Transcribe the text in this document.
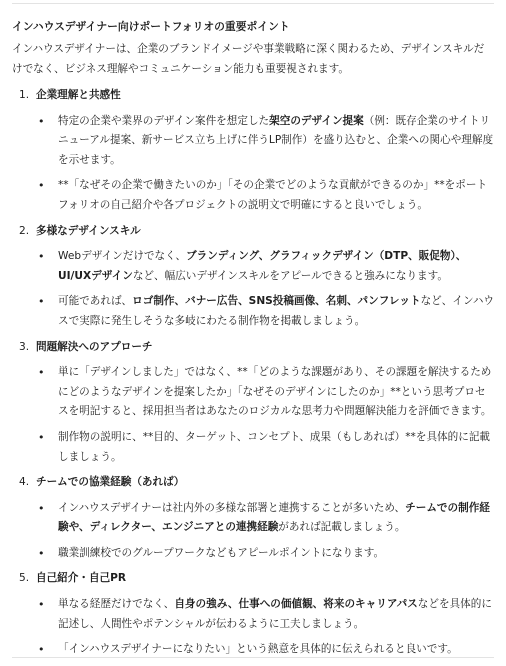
インハウスデザイナー向けポートフォリオの重要ポイント
インハウスデザイナーは、企業のブランドイメージや事業戦略に深く関わるため、デザインスキルだけでなく、ビジネス理解やコミュニケーション能力も重要視されます。
1. 企業理解と共感性
• 特定の企業や業界のデザイン案件を想定した架空のデザイン提案（例：既存企業のサイトリニューアル提案、新サービス立ち上げに伴うLP制作）を盛り込むと、企業への関心や理解度を示せます。
• **「なぜその企業で働きたいのか」「その企業でどのような貢献ができるのか」**をポートフォリオの自己紹介や各プロジェクトの説明文で明確にすると良いでしょう。
2. 多様なデザインスキル
• Webデザインだけでなく、ブランディング、グラフィックデザイン（DTP、販促物）、UI/UXデザインなど、幅広いデザインスキルをアピールできると強みになります。
• 可能であれば、ロゴ制作、バナー広告、SNS投稿画像、名刺、パンフレットなど、インハウスで実際に発生しそうな多岐にわたる制作物を掲載しましょう。
3. 問題解決へのアプローチ
• 単に「デザインしました」ではなく、**「どのような課題があり、その課題を解決するためにどのようなデザインを提案したか」「なぜそのデザインにしたのか」**という思考プロセスを明記すると、採用担当者はあなたのロジカルな思考力や問題解決能力を評価できます。
• 制作物の説明に、**目的、ターゲット、コンセプト、成果（もしあれば）**を具体的に記載しましょう。
4. チームでの協業経験（あれば）
• インハウスデザイナーは社内外の多様な部署と連携することが多いため、チームでの制作経験や、ディレクター、エンジニアとの連携経験があれば記載しましょう。
• 職業訓練校でのグループワークなどもアピールポイントになります。
5. 自己紹介・自己PR
• 単なる経歴だけでなく、自身の強み、仕事への価値観、将来のキャリアパスなどを具体的に記述し、人間性やポテンシャルが伝わるように工夫しましょう。
• 「インハウスデザイナーになりたい」という熱意を具体的に伝えられると良いです。
